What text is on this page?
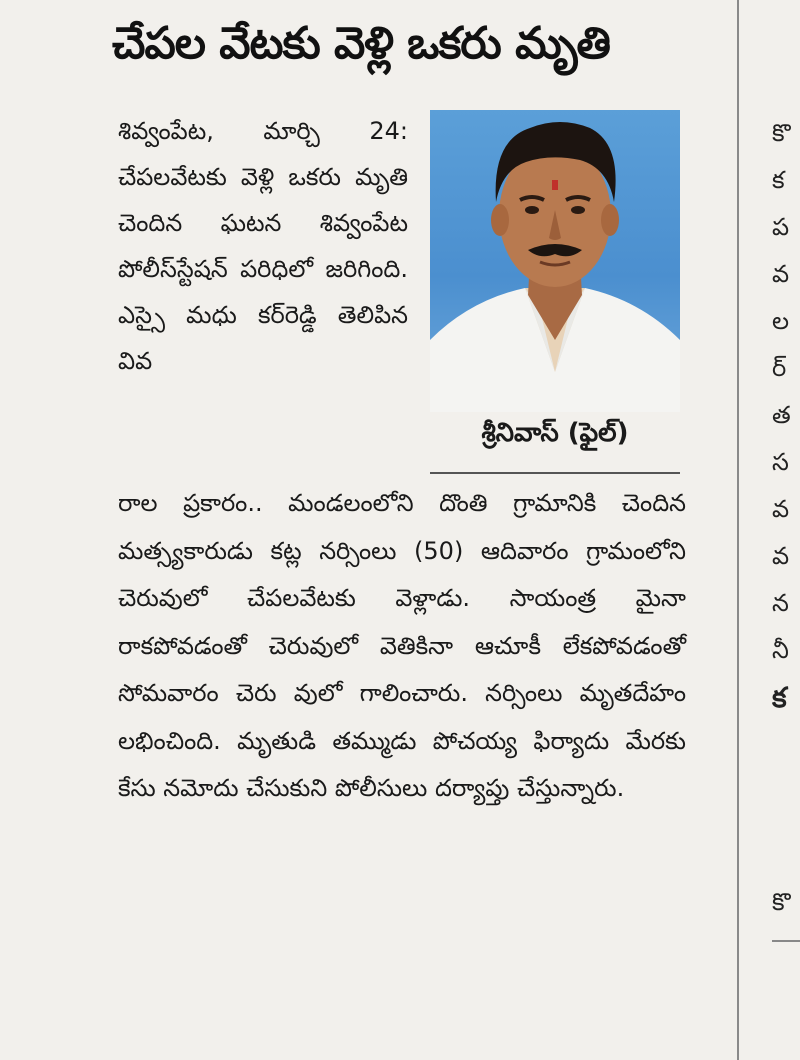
చేపల వేటకు వెళ్లి ఒకరు మృతి

శివ్వంపేట, మార్చి 24: చేపలవేటకు వెళ్లి ఒకరు మృతి చెందిన ఘటన శివ్వంపేట పోలీస్‌స్టేషన్ పరిధిలో జరిగింది. ఎస్సై మధు కర్‌రెడ్డి తెలిపిన వివ

శ్రీనివాస్ (ఫైల్)

రాల ప్రకారం.. మండలంలోని దొంతి గ్రామానికి చెందిన మత్స్యకారుడు కట్ల నర్సింలు (50) ఆదివారం గ్రామంలోని చెరువులో చేపలవేటకు వెళ్లాడు. సాయంత్ర మైనా రాకపోవడంతో చెరువులో వెతికినా ఆచూకీ లేకపోవడంతో సోమవారం చెరు వులో గాలించారు. నర్సింలు మృతదేహం లభించింది. మృతుడి తమ్ముడు పోచయ్య ఫిర్యాదు మేరకు కేసు నమోదు చేసుకుని పోలీసులు దర్యాప్తు చేస్తున్నారు.

కొ
క
ప
వ
ల
ర్
త
స
వ
వ
న
నీ
క
కొ
